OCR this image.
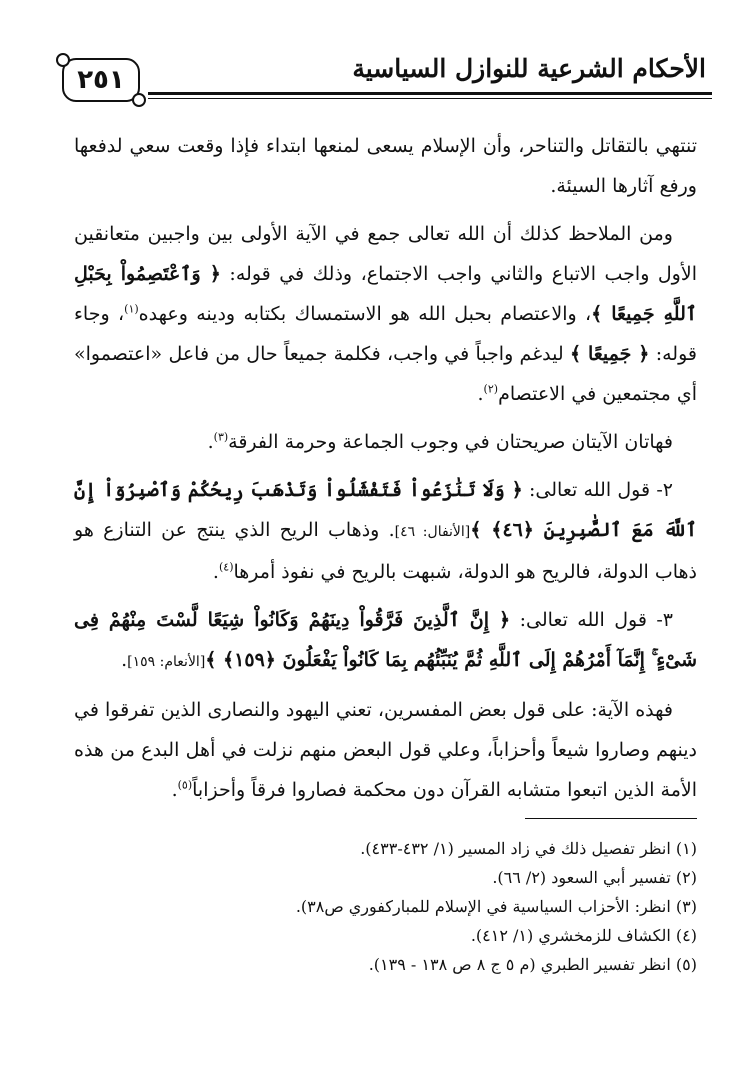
٢٥١	الأحكام الشرعية للنوازل السياسية

تنتهي بالتقاتل والتناحر، وأن الإسلام يسعى لمنعها ابتداء فإذا وقعت سعي لدفعها ورفع آثارها السيئة.

ومن الملاحظ كذلك أن الله تعالى جمع في الآية الأولى بين واجبين متعانقين الأول واجب الاتباع والثاني واجب الاجتماع، وذلك في قوله: ﴿ وَٱعْتَصِمُواْ بِحَبْلِ ٱللَّهِ جَمِيعًا ﴾، والاعتصام بحبل الله هو الاستمساك بكتابه ودينه وعهده$^{(١)}$، وجاء قوله: ﴿ جَمِيعًا ﴾ ليدغم واجباً في واجب، فكلمة جميعاً حال من فاعل «اعتصموا» أي مجتمعين في الاعتصام$^{(٢)}$.

فهاتان الآيتان صريحتان في وجوب الجماعة وحرمة الفرقة$^{(٣)}$.

٢- قول الله تعالى: ﴿ وَلَا تَنَٰزَعُواْ فَتَفْشَلُواْ وَتَذْهَبَ رِيحُكُمْ وَٱصْبِرُوٓاْ إِنَّ ٱللَّهَ مَعَ ٱلصَّٰبِرِينَ ﴿٤٦﴾ ﴾[الأنفال: ٤٦]. وذهاب الريح الذي ينتج عن التنازع هو ذهاب الدولة، فالريح هو الدولة، شبهت بالريح في نفوذ أمرها$^{(٤)}$.

٣- قول الله تعالى: ﴿ إِنَّ ٱلَّذِينَ فَرَّقُواْ دِينَهُمْ وَكَانُواْ شِيَعًا لَّسْتَ مِنْهُمْ فِى شَىْءٍ ۚ إِنَّمَآ أَمْرُهُمْ إِلَى ٱللَّهِ ثُمَّ يُنَبِّئُهُم بِمَا كَانُواْ يَفْعَلُونَ ﴿١٥٩﴾ ﴾[الأنعام: ١٥٩].

فهذه الآية: على قول بعض المفسرين، تعني اليهود والنصارى الذين تفرقوا في دينهم وصاروا شيعاً وأحزاباً، وعلي قول البعض منهم نزلت في أهل البدع من هذه الأمة الذين اتبعوا متشابه القرآن دون محكمة فصاروا فرقاً وأحزاباً$^{(٥)}$.

(١) انظر تفصيل ذلك في زاد المسير (١/ ٤٣٢-٤٣٣).
(٢) تفسير أبي السعود (٢/ ٦٦).
(٣) انظر: الأحزاب السياسية في الإسلام للمباركفوري ص٣٨).
(٤) الكشاف للزمخشري (١/ ٤١٢).
(٥) انظر تفسير الطبري (م ٥ ج ٨ ص ١٣٨ - ١٣٩).
